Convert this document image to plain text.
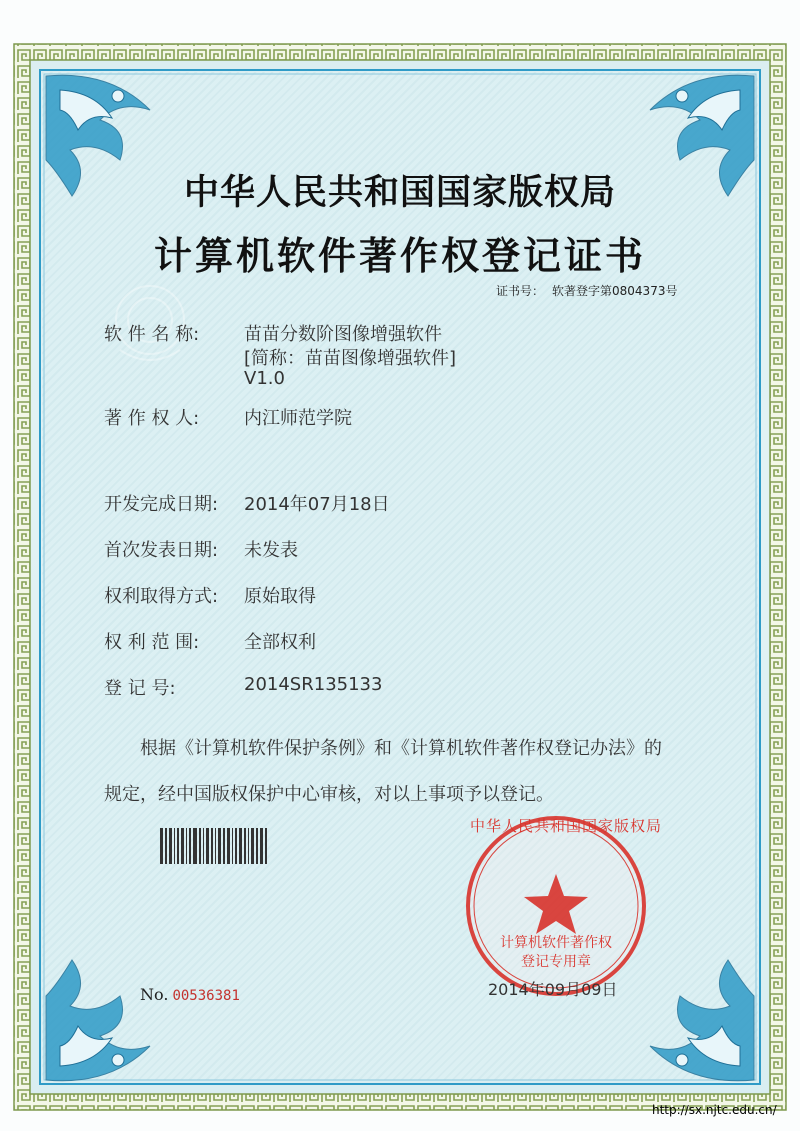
中华人民共和国国家版权局
计算机软件著作权登记证书
证书号： 软著登字第0804373号
软 件 名 称: 苗苗分数阶图像增强软件
[简称：苗苗图像增强软件]
V1.0
著 作 权 人: 内江师范学院
开发完成日期: 2014年07月18日
首次发表日期: 未发表
权利取得方式: 原始取得
权 利 范 围: 全部权利
登 记 号:	2014SR135133
根据《计算机软件保护条例》和《计算机软件著作权登记办法》的
规定，经中国版权保护中心审核，对以上事项予以登记。
中华人民共和国国家版权局
计算机软件著作权
登记专用章
No. 00536381	2014年09月09日
http://sx.njtc.edu.cn/
